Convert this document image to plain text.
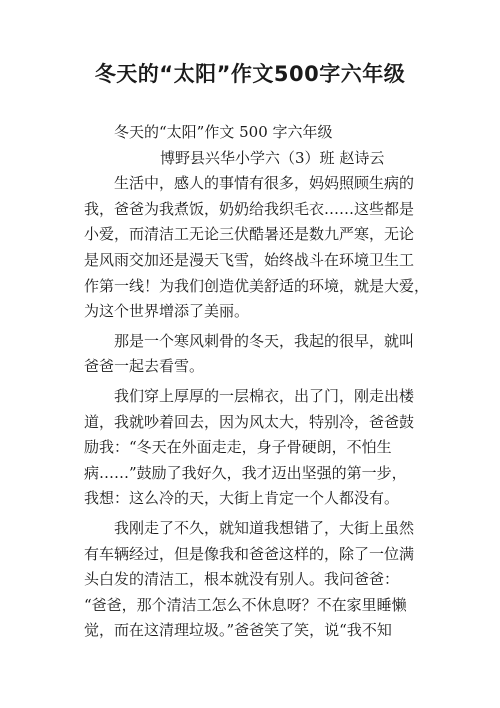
冬天的“太阳”作文500字六年级
冬天的“太阳”作文 500 字六年级
博野县兴华小学六（3）班 赵诗云
生活中，感人的事情有很多，妈妈照顾生病的
我，爸爸为我煮饭，奶奶给我织毛衣……这些都是
小爱，而清洁工无论三伏酷暑还是数九严寒，无论
是风雨交加还是漫天飞雪，始终战斗在环境卫生工
作第一线！为我们创造优美舒适的环境，就是大爱，
为这个世界增添了美丽。
那是一个寒风刺骨的冬天，我起的很早，就叫
爸爸一起去看雪。
我们穿上厚厚的一层棉衣，出了门，刚走出楼
道，我就吵着回去，因为风太大，特别冷，爸爸鼓
励我：“冬天在外面走走，身子骨硬朗，不怕生
病……”鼓励了我好久，我才迈出坚强的第一步，
我想：这么冷的天，大街上肯定一个人都没有。
我刚走了不久，就知道我想错了，大街上虽然
有车辆经过，但是像我和爸爸这样的，除了一位满
头白发的清洁工，根本就没有别人。我问爸爸：
“爸爸，那个清洁工怎么不休息呀？不在家里睡懒
觉，而在这清理垃圾。”爸爸笑了笑，说“我不知
